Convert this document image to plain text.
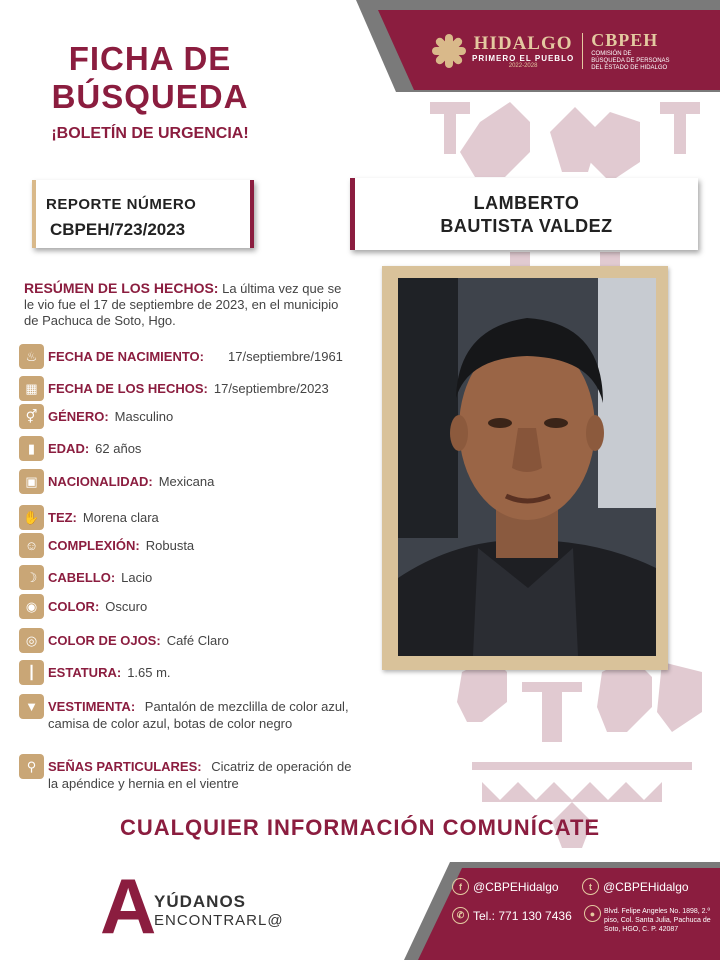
HIDALGO
PRIMERO EL PUEBLO
2022-2028
CBPEH
COMISIÓN DE
BÚSQUEDA DE PERSONAS
DEL ESTADO DE HIDALGO
FICHA DE
BÚSQUEDA
¡BOLETÍN DE URGENCIA!
REPORTE NÚMERO
CBPEH/723/2023
LAMBERTO
BAUTISTA VALDEZ
RESÚMEN DE LOS HECHOS: La última vez que se le vio fue el 17 de septiembre de 2023, en el municipio de Pachuca de Soto, Hgo.
♨ FECHA DE NACIMIENTO: 17/septiembre/1961
▦ FECHA DE LOS HECHOS: 17/septiembre/2023
⚥ GÉNERO: Masculino
▮ EDAD: 62 años
▣ NACIONALIDAD: Mexicana
✋ TEZ: Morena clara
☺ COMPLEXIÓN: Robusta
☽ CABELLO: Lacio
◉ COLOR: Oscuro
◎ COLOR DE OJOS: Café Claro
┃ ESTATURA: 1.65 m.
▼ VESTIMENTA: Pantalón de mezclilla de color azul, camisa de color azul, botas de color negro
⚲ SEÑAS PARTICULARES: Cicatriz de operación de la apéndice y hernia en el vientre
CUALQUIER INFORMACIÓN COMUNÍCATE
A
YÚDANOS
ENCONTRARL@
f @CBPEHidalgo	t @CBPEHidalgo
✆ Tel.: 771 130 7436	●	Blvd. Felipe Angeles No. 1898, 2.º piso, Col. Santa Julia, Pachuca de Soto, HGO, C. P. 42087
